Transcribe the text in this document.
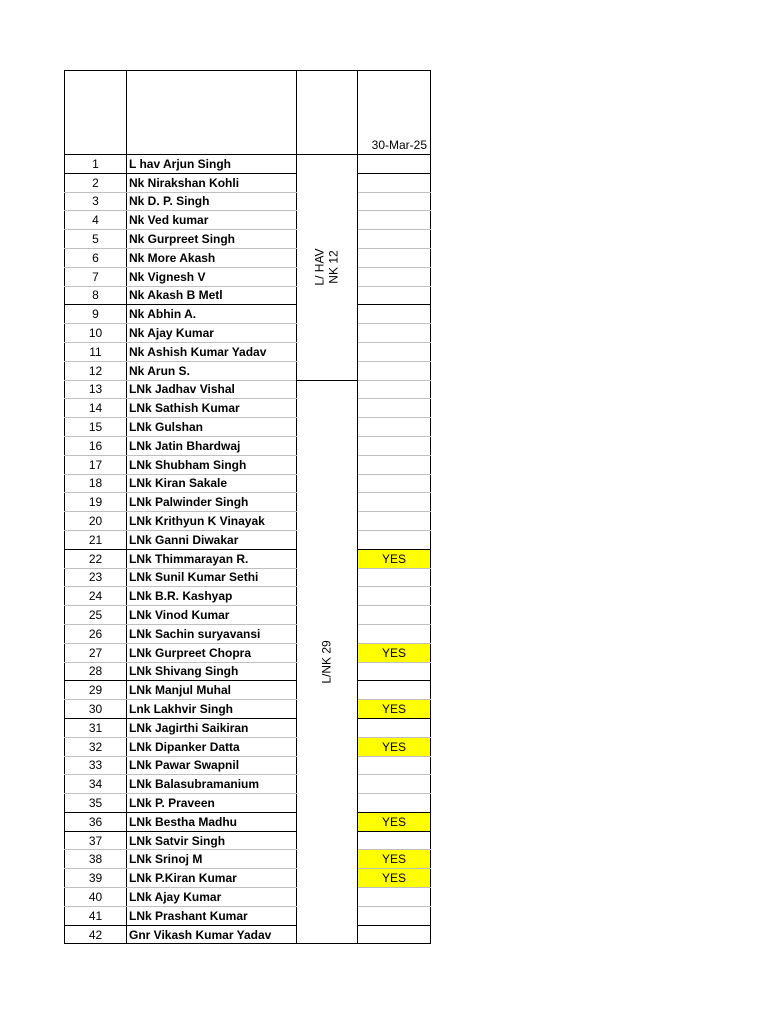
			30-Mar-25
1	L hav Arjun Singh	L/ HAV
NK 12	
2	Nk Nirakshan Kohli		
3	Nk D. P. Singh		
4	Nk Ved kumar		
5	Nk Gurpreet Singh		
6	Nk More Akash		
7	Nk Vignesh V		
8	Nk Akash B Metl		
9	Nk Abhin A.		
10	Nk Ajay Kumar		
11	Nk Ashish Kumar Yadav		
12	Nk Arun S.		
13	LNk Jadhav Vishal	L/NK 29	
14	LNk Sathish Kumar		
15	LNk Gulshan		
16	LNk Jatin Bhardwaj		
17	LNk Shubham Singh		
18	LNk Kiran Sakale		
19	LNk Palwinder Singh		
20	LNk Krithyun K Vinayak		
21	LNk Ganni Diwakar		
22	LNk Thimmarayan R.		YES
23	LNk Sunil Kumar Sethi		
24	LNk B.R. Kashyap		
25	LNk Vinod Kumar		
26	LNk Sachin suryavansi		
27	LNk Gurpreet Chopra		YES
28	LNk Shivang Singh		
29	LNk Manjul Muhal		
30	Lnk Lakhvir Singh		YES
31	LNk Jagirthi Saikiran		
32	LNk Dipanker Datta		YES
33	LNk Pawar Swapnil		
34	LNk Balasubramanium		
35	LNk P. Praveen		
36	LNk Bestha Madhu		YES
37	LNk Satvir Singh		
38	LNk Srinoj M		YES
39	LNk P.Kiran Kumar		YES
40	LNk Ajay Kumar		
41	LNk Prashant Kumar		
42	Gnr Vikash Kumar Yadav		
